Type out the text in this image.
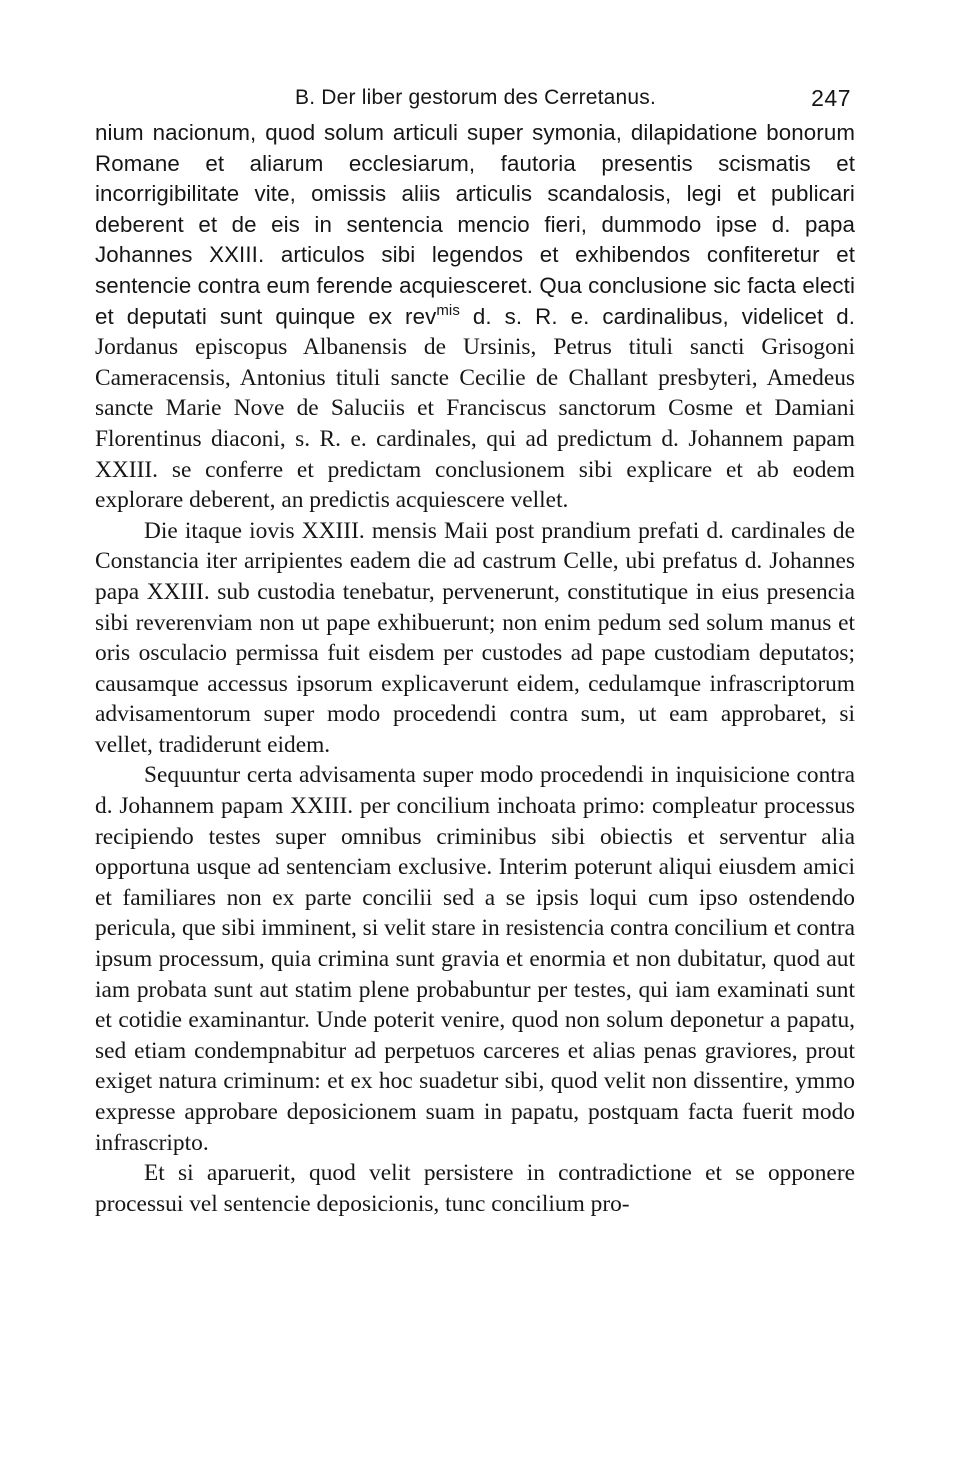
B. Der liber gestorum des Cerretanus.	247

nium nacionum, quod solum articuli super symonia, dilapidatione bonorum Romane et aliarum ecclesiarum, fautoria presentis scismatis et incorrigibilitate vite, omissis aliis articulis scandalosis, legi et publicari deberent et de eis in sentencia mencio fieri, dummodo ipse d. papa Johannes XXIII. articulos sibi legendos et exhibendos confiteretur et sentencie contra eum ferende acquiesceret. Qua conclusione sic facta electi et deputati sunt quinque ex rev$^{mis}$ d. s. R. e. cardinalibus, videlicet d. Jordanus episcopus Albanensis de Ursinis, Petrus tituli sancti Grisogoni Cameracensis, Antonius tituli sancte Cecilie de Challant presbyteri, Amedeus sancte Marie Nove de Saluciis et Franciscus sanctorum Cosme et Damiani Florentinus diaconi, s. R. e. cardinales, qui ad predictum d. Johannem papam XXIII. se conferre et predictam conclusionem sibi explicare et ab eodem explorare deberent, an predictis acquiescere vellet.

Die itaque iovis XXIII. mensis Maii post prandium prefati d. cardinales de Constancia iter arripientes eadem die ad castrum Celle, ubi prefatus d. Johannes papa XXIII. sub custodia tenebatur, pervenerunt, constitutique in eius presencia sibi reverenviam non ut pape exhibuerunt; non enim pedum sed solum manus et oris osculacio permissa fuit eisdem per custodes ad pape custodiam deputatos; causamque accessus ipsorum explicaverunt eidem, cedulamque infrascriptorum advisamentorum super modo procedendi contra sum, ut eam approbaret, si vellet, tradiderunt eidem.

Sequuntur certa advisamenta super modo procedendi in inquisicione contra d. Johannem papam XXIII. per concilium inchoata primo: compleatur processus recipiendo testes super omnibus criminibus sibi obiectis et serventur alia opportuna usque ad sentenciam exclusive. Interim poterunt aliqui eiusdem amici et familiares non ex parte concilii sed a se ipsis loqui cum ipso ostendendo pericula, que sibi imminent, si velit stare in resistencia contra concilium et contra ipsum processum, quia crimina sunt gravia et enormia et non dubitatur, quod aut iam probata sunt aut statim plene probabuntur per testes, qui iam examinati sunt et cotidie examinantur. Unde poterit venire, quod non solum deponetur a papatu, sed etiam condempnabitur ad perpetuos carceres et alias penas graviores, prout exiget natura criminum: et ex hoc suadetur sibi, quod velit non dissentire, ymmo expresse approbare deposicionem suam in papatu, postquam facta fuerit modo infrascripto.

Et si aparuerit, quod velit persistere in contradictione et se opponere processui vel sentencie deposicionis, tunc concilium pro-
